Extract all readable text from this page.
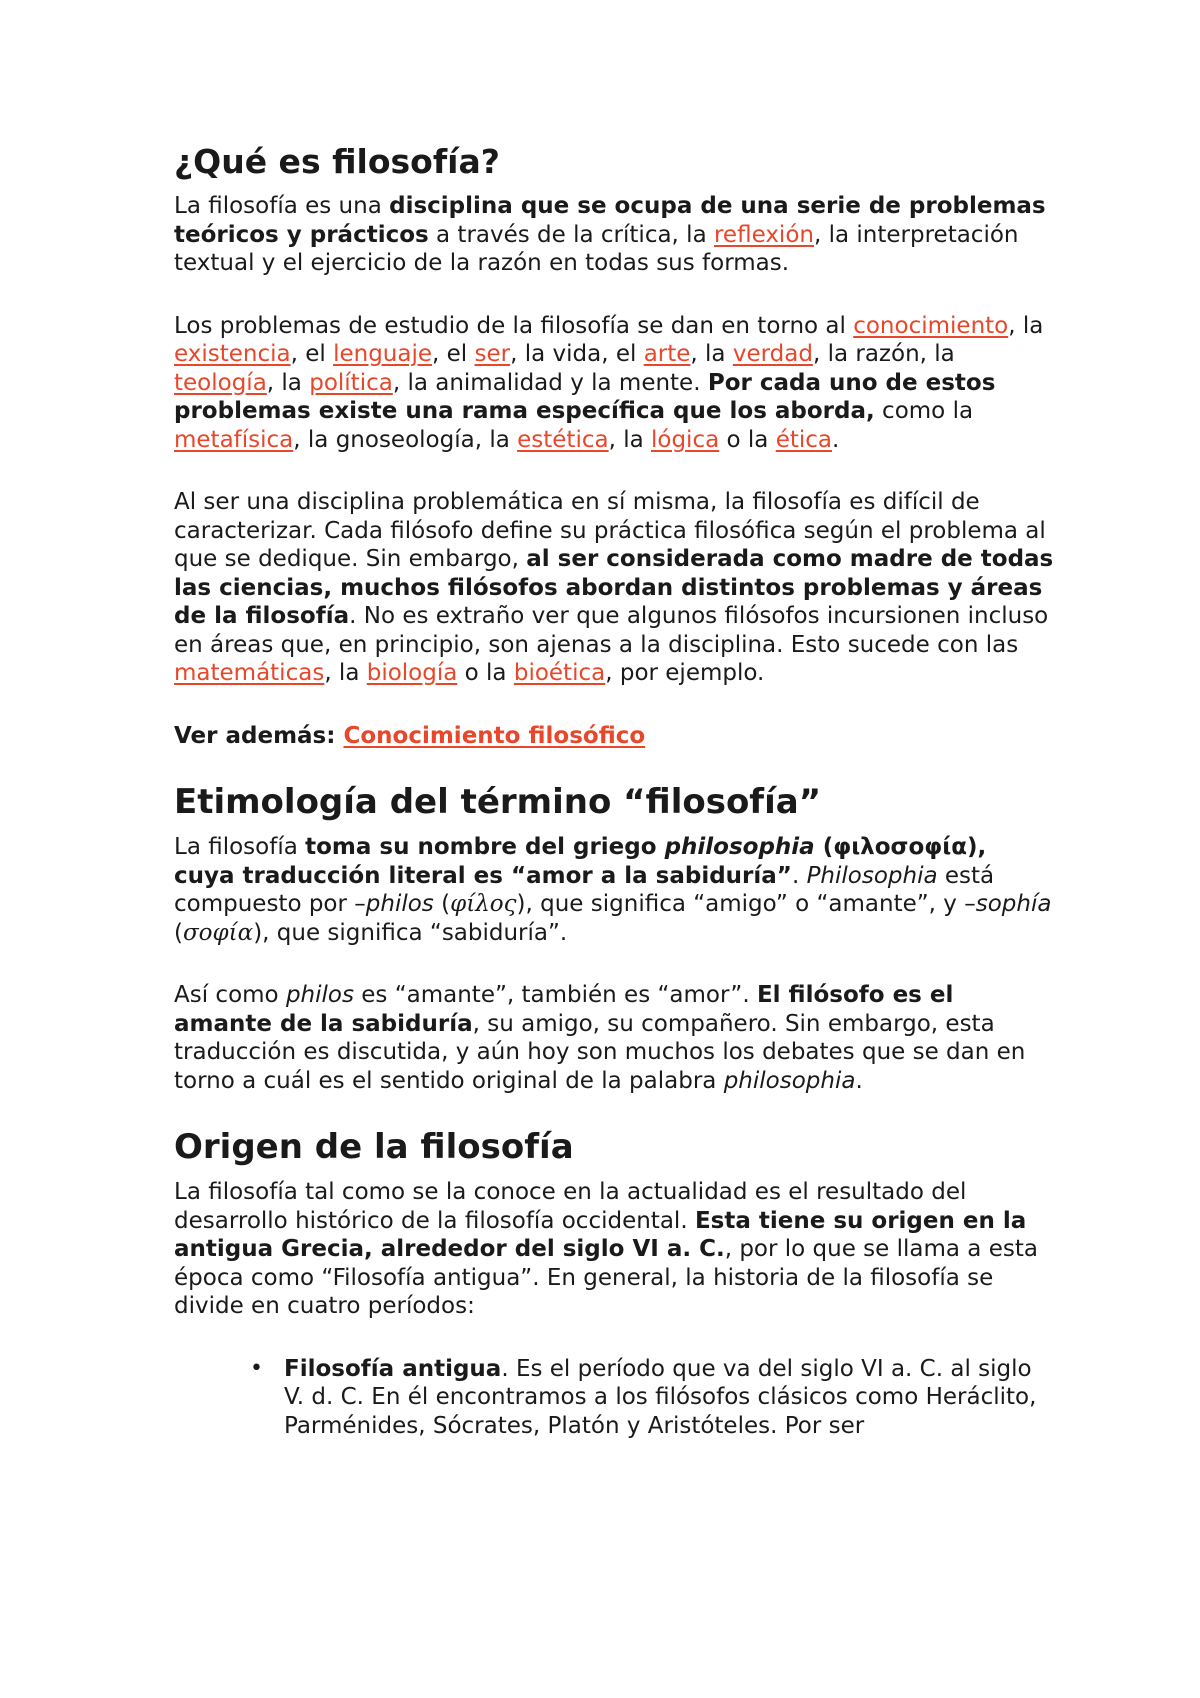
¿Qué es filosofía?

La filosofía es una disciplina que se ocupa de una serie de problemas teóricos y prácticos a través de la crítica, la reflexión, la interpretación textual y el ejercicio de la razón en todas sus formas.

Los problemas de estudio de la filosofía se dan en torno al conocimiento, la existencia, el lenguaje, el ser, la vida, el arte, la verdad, la razón, la teología, la política, la animalidad y la mente. Por cada uno de estos problemas existe una rama específica que los aborda, como la metafísica, la gnoseología, la estética, la lógica o la ética.

Al ser una disciplina problemática en sí misma, la filosofía es difícil de caracterizar. Cada filósofo define su práctica filosófica según el problema al que se dedique. Sin embargo, al ser considerada como madre de todas las ciencias, muchos filósofos abordan distintos problemas y áreas de la filosofía. No es extraño ver que algunos filósofos incursionen incluso en áreas que, en principio, son ajenas a la disciplina. Esto sucede con las matemáticas, la biología o la bioética, por ejemplo.

Ver además: Conocimiento filosófico

Etimología del término “filosofía”

La filosofía toma su nombre del griego philosophia (φιλοσοφία), cuya traducción literal es “amor a la sabiduría”. Philosophia está compuesto por –philos (φίλος), que significa “amigo” o “amante”, y –sophía (σοφία), que significa “sabiduría”.

Así como philos es “amante”, también es “amor”. El filósofo es el amante de la sabiduría, su amigo, su compañero. Sin embargo, esta traducción es discutida, y aún hoy son muchos los debates que se dan en torno a cuál es el sentido original de la palabra philosophia.

Origen de la filosofía

La filosofía tal como se la conoce en la actualidad es el resultado del desarrollo histórico de la filosofía occidental. Esta tiene su origen en la antigua Grecia, alrededor del siglo VI a. C., por lo que se llama a esta época como “Filosofía antigua”. En general, la historia de la filosofía se divide en cuatro períodos:

• Filosofía antigua. Es el período que va del siglo VI a. C. al siglo V. d. C. En él encontramos a los filósofos clásicos como Heráclito, Parménides, Sócrates, Platón y Aristóteles. Por ser
